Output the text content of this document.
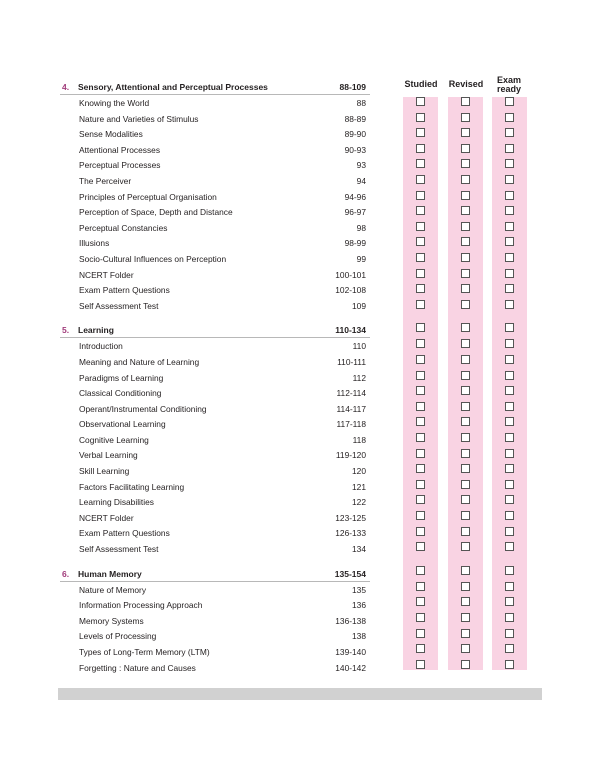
Studied	Revised	Exam
ready
4. Sensory, Attentional and Perceptual Processes	88-109
Knowing the World	88
Nature and Varieties of Stimulus	88-89
Sense Modalities	89-90
Attentional Processes	90-93
Perceptual Processes	93
The Perceiver	94
Principles of Perceptual Organisation	94-96
Perception of Space, Depth and Distance	96-97
Perceptual Constancies	98
Illusions	98-99
Socio-Cultural Influences on Perception	99
NCERT Folder	100-101
Exam Pattern Questions	102-108
Self Assessment Test	109
5. Learning	110-134
Introduction	110
Meaning and Nature of Learning	110-111
Paradigms of Learning	112
Classical Conditioning	112-114
Operant/Instrumental Conditioning	114-117
Observational Learning	117-118
Cognitive Learning	118
Verbal Learning	119-120
Skill Learning	120
Factors Facilitating Learning	121
Learning Disabilities	122
NCERT Folder	123-125
Exam Pattern Questions	126-133
Self Assessment Test	134
6. Human Memory	135-154
Nature of Memory	135
Information Processing Approach	136
Memory Systems	136-138
Levels of Processing	138
Types of Long-Term Memory (LTM)	139-140
Forgetting : Nature and Causes	140-142
